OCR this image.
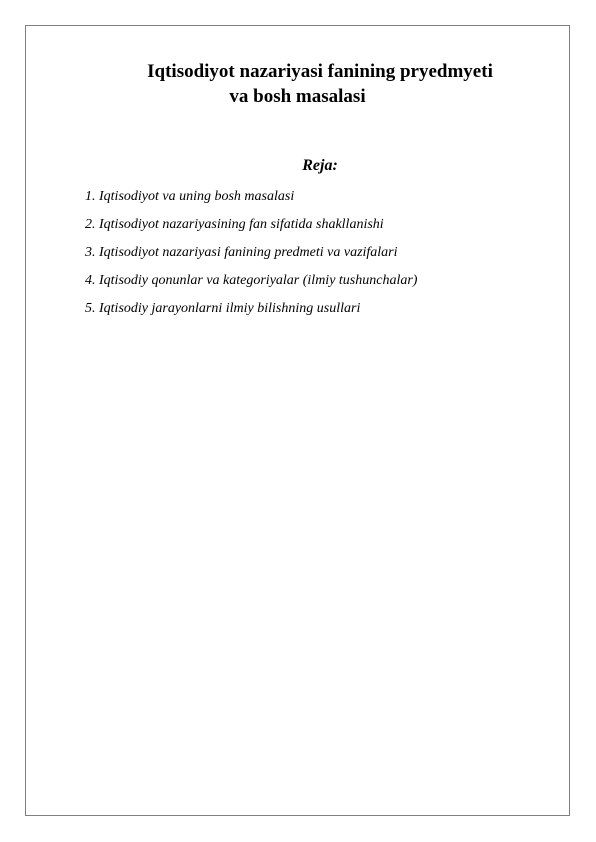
Iqtisodiyot nazariyasi fanining pryedmyeti
va bosh masalasi
Reja:
1. Iqtisodiyot va uning bosh masalasi
2. Iqtisodiyot nazariyasining fan sifatida shakllanishi
3. Iqtisodiyot nazariyasi fanining predmeti va vazifalari
4. Iqtisodiy qonunlar va kategoriyalar (ilmiy tushunchalar)
5. Iqtisodiy jarayonlarni ilmiy bilishning usullari
